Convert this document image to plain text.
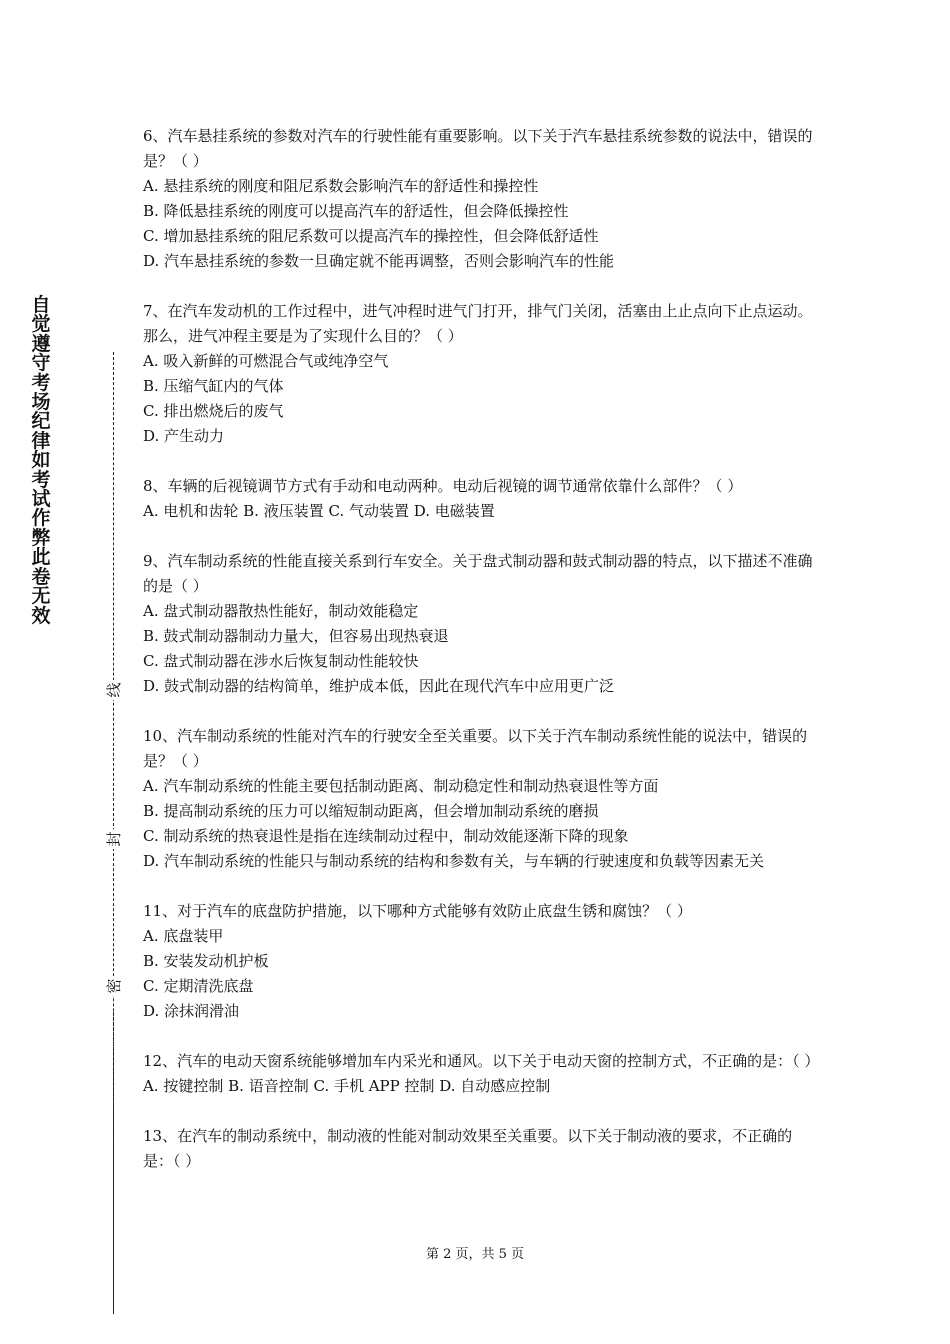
自觉遵守考场纪律如考试作弊此卷无效
线
封
密

6、汽车悬挂系统的参数对汽车的行驶性能有重要影响。以下关于汽车悬挂系统参数的说法中，错误的是？（ ）

A. 悬挂系统的刚度和阻尼系数会影响汽车的舒适性和操控性

B. 降低悬挂系统的刚度可以提高汽车的舒适性，但会降低操控性

C. 增加悬挂系统的阻尼系数可以提高汽车的操控性，但会降低舒适性

D. 汽车悬挂系统的参数一旦确定就不能再调整，否则会影响汽车的性能

7、在汽车发动机的工作过程中，进气冲程时进气门打开，排气门关闭，活塞由上止点向下止点运动。那么，进气冲程主要是为了实现什么目的？（ ）

A. 吸入新鲜的可燃混合气或纯净空气

B. 压缩气缸内的气体

C. 排出燃烧后的废气

D. 产生动力

8、车辆的后视镜调节方式有手动和电动两种。电动后视镜的调节通常依靠什么部件？（ ）

A. 电机和齿轮 B. 液压装置 C. 气动装置 D. 电磁装置

9、汽车制动系统的性能直接关系到行车安全。关于盘式制动器和鼓式制动器的特点，以下描述不准确的是（ ）

A. 盘式制动器散热性能好，制动效能稳定

B. 鼓式制动器制动力量大，但容易出现热衰退

C. 盘式制动器在涉水后恢复制动性能较快

D. 鼓式制动器的结构简单，维护成本低，因此在现代汽车中应用更广泛

10、汽车制动系统的性能对汽车的行驶安全至关重要。以下关于汽车制动系统性能的说法中，错误的是？（ ）

A. 汽车制动系统的性能主要包括制动距离、制动稳定性和制动热衰退性等方面

B. 提高制动系统的压力可以缩短制动距离，但会增加制动系统的磨损

C. 制动系统的热衰退性是指在连续制动过程中，制动效能逐渐下降的现象

D. 汽车制动系统的性能只与制动系统的结构和参数有关，与车辆的行驶速度和负载等因素无关

11、对于汽车的底盘防护措施，以下哪种方式能够有效防止底盘生锈和腐蚀？（ ）

A. 底盘装甲

B. 安装发动机护板

C. 定期清洗底盘

D. 涂抹润滑油

12、汽车的电动天窗系统能够增加车内采光和通风。以下关于电动天窗的控制方式，不正确的是：（ ）

A. 按键控制 B. 语音控制 C. 手机 APP 控制 D. 自动感应控制

13、在汽车的制动系统中，制动液的性能对制动效果至关重要。以下关于制动液的要求，不正确的是：（ ）

第 2 页，共 5 页
